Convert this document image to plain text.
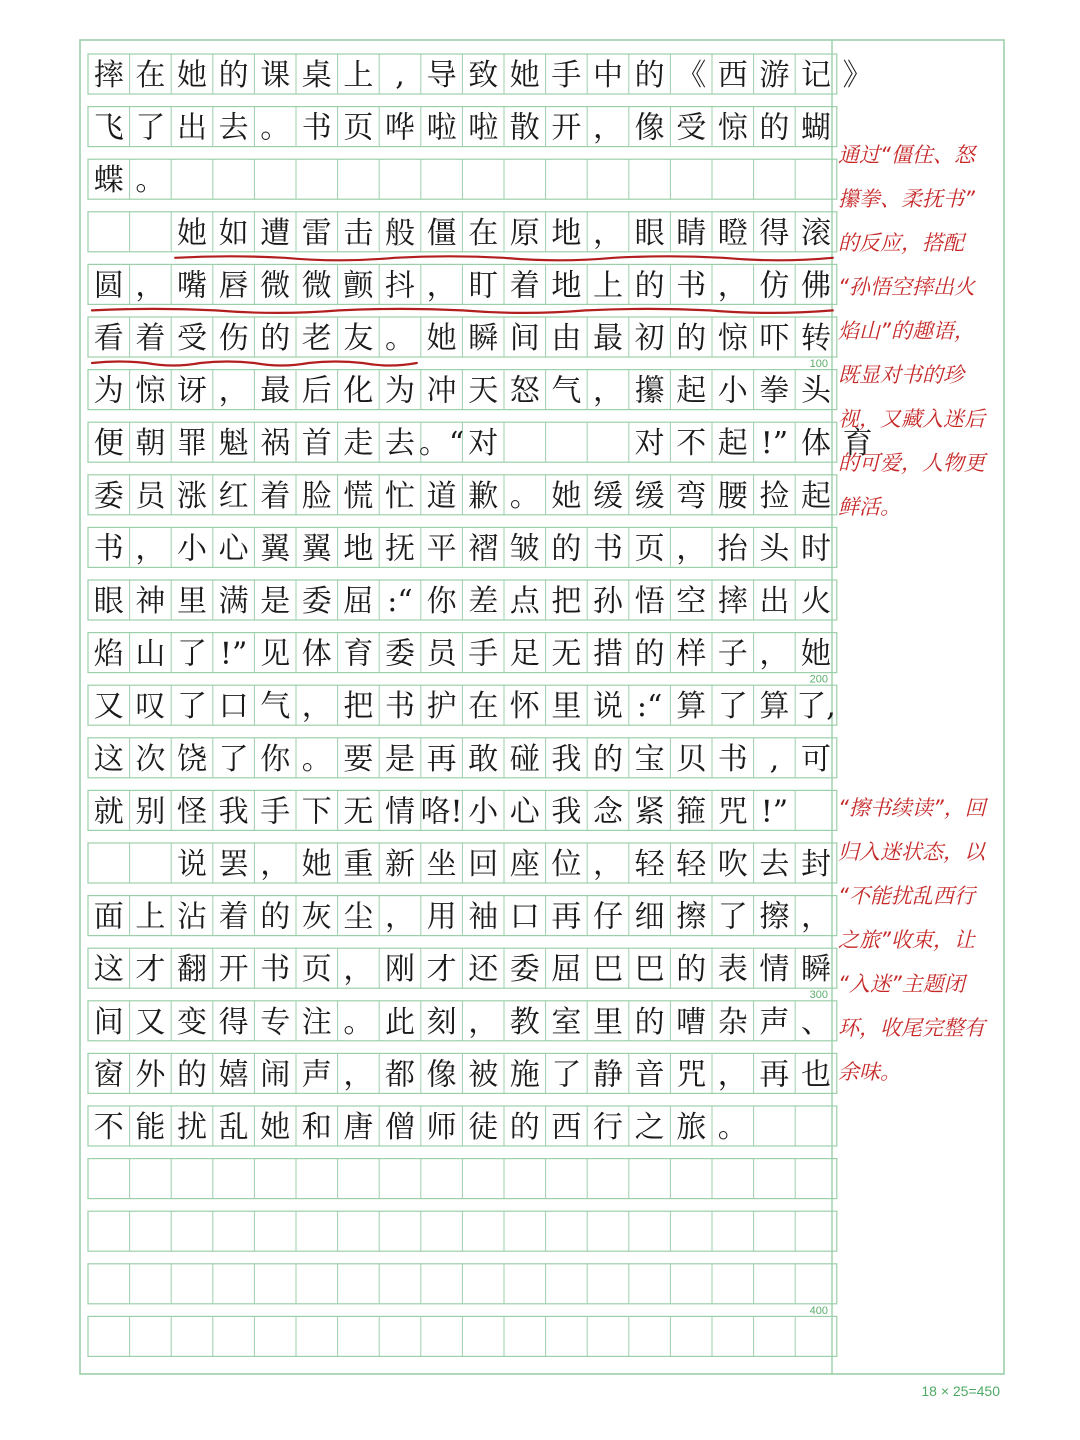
摔 在 她 的 课 桌 上 , 导 致 她 手 中 的 《 西 游 记 》
飞 了 出 去 。 书 页 哗 啦 啦 散 开 ， 像 受 惊 的 蝴
蝶 。
她 如 遭 雷 击 般 僵 在 原 地 ， 眼 睛 瞪 得 滚
圆 ， 嘴 唇 微 微 颤 抖 ， 盯 着 地 上 的 书 ， 仿 佛
看 着 受 伤 的 老 友 。 她 瞬 间 由 最 初 的 惊 吓 转
为 惊 讶 ， 最 后 化 为 冲 天 怒 气 ， 攥 起 小 拳 头
便 朝 罪 魁 祸 首 走 去 。“ 对	对 不 起 !” 体 育
委 员 涨 红 着 脸 慌 忙 道 歉 。 她 缓 缓 弯 腰 捡 起
书 ， 小 心 翼 翼 地 抚 平 褶 皱 的 书 页 ， 抬 头 时
眼 神 里 满 是 委 屈 :“ 你 差 点 把 孙 悟 空 摔 出 火
焰 山 了 !” 见 体 育 委 员 手 足 无 措 的 样 子 ， 她
又 叹 了 口 气 ， 把 书 护 在 怀 里 说 :“ 算 了 算 了,
这 次 饶 了 你 。 要 是 再 敢 碰 我 的 宝 贝 书 , 可
就 别 怪 我 手 下 无 情 咯! 小 心 我 念 紧 箍 咒 !”
说 罢 ， 她 重 新 坐 回 座 位 ， 轻 轻 吹 去 封
面 上 沾 着 的 灰 尘 ， 用 袖 口 再 仔 细 擦 了 擦 ，
这 才 翻 开 书 页 ， 刚 才 还 委 屈 巴 巴 的 表 情 瞬
间 又 变 得 专 注 。 此 刻 ， 教 室 里 的 嘈 杂 声 、
窗 外 的 嬉 闹 声 ， 都 像 被 施 了 静 音 咒 ， 再 也
不 能 扰 乱 她 和 唐 僧 师 徒 的 西 行 之 旅 。
100
200
300
400
通过“僵住、怒
攥拳、柔抚书”
的反应，搭配
“孙悟空摔出火
焰山”的趣语，
既显对书的珍
视，又藏入迷后
的可爱，人物更
鲜活。
“擦书续读”，回
归入迷状态，以
“不能扰乱西行
之旅”收束，让
“入迷”主题闭
环，收尾完整有
余味。
18 × 25=450
